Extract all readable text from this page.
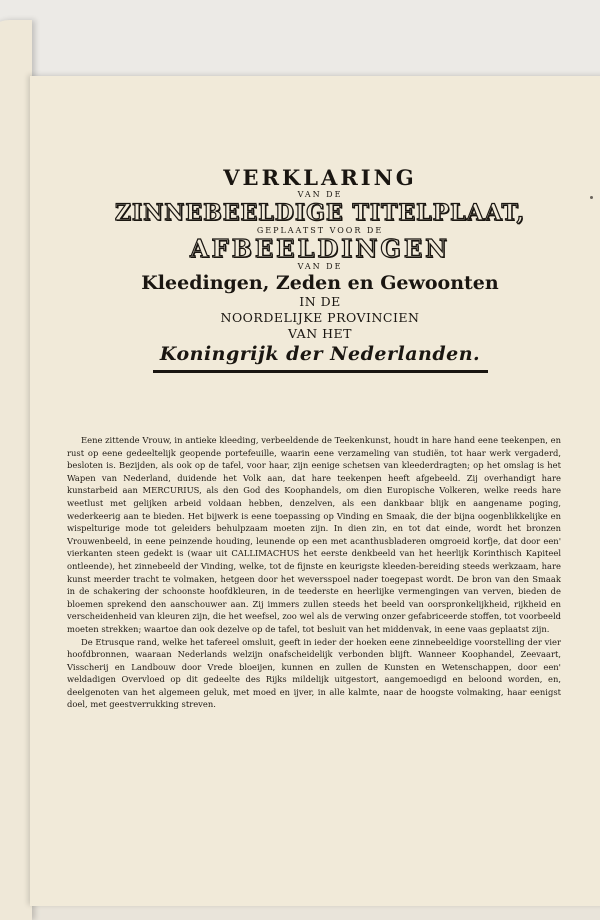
VERKLARING
VAN DE
ZINNEBEELDIGE TITELPLAAT,
GEPLAATST VOOR DE
AFBEELDINGEN
VAN DE
Kleedingen, Zeden en Gewoonten
IN DE
NOORDELIJKE PROVINCIEN
VAN HET
Koningrijk der Nederlanden.

Eene zittende Vrouw, in antieke kleeding, verbeeldende de Teekenkunst, houdt in hare hand eene teekenpen, en rust op eene gedeeltelijk geopende portefeuille, waarin eene verzameling van studiën, tot haar werk vergaderd, besloten is. Bezijden, als ook op de tafel, voor haar, zijn eenige schetsen van kleederdragten; op het omslag is het Wapen van Nederland, duidende het Volk aan, dat hare teekenpen heeft afgebeeld. Zij overhandigt hare kunstarbeid aan MERCURIUS, als den God des Koophandels, om dien Europische Volkeren, welke reeds hare weetlust met gelijken arbeid voldaan hebben, denzelven, als een dankbaar blijk en aangename poging, wederkeerig aan te bieden. Het bijwerk is eene toepassing op Vinding en Smaak, die der bijna oogenblikkelijke en wispelturige mode tot geleiders behulpzaam moeten zijn. In dien zin, en tot dat einde, wordt het bronzen Vrouwenbeeld, in eene peinzende houding, leunende op een met acanthusbladeren omgroeid korfje, dat door een' vierkanten steen gedekt is (waar uit CALLIMACHUS het eerste denkbeeld van het heerlijk Korinthisch Kapiteel ontleende), het zinnebeeld der Vinding, welke, tot de fijnste en keurigste kleeden-bereiding steeds werkzaam, hare kunst meerder tracht te volmaken, hetgeen door het weversspoel nader toegepast wordt. De bron van den Smaak in de schakering der schoonste hoofdkleuren, in de teederste en heerlijke vermengingen van verven, bieden de bloemen sprekend den aanschouwer aan. Zij immers zullen steeds het beeld van oorspronkelijkheid, rijkheid en verscheidenheid van kleuren zijn, die het weefsel, zoo wel als de verwing onzer gefabriceerde stoffen, tot voorbeeld moeten strekken; waartoe dan ook dezelve op de tafel, tot besluit van het middenvak, in eene vaas geplaatst zijn.

De Etrusque rand, welke het tafereel omsluit, geeft in ieder der hoeken eene zinnebeeldige voorstelling der vier hoofdbronnen, waaraan Nederlands welzijn onafscheidelijk verbonden blijft. Wanneer Koophandel, Zeevaart, Visscherij en Landbouw door Vrede bloeijen, kunnen en zullen de Kunsten en Wetenschappen, door een' weldadigen Overvloed op dit gedeelte des Rijks mildelijk uitgestort, aangemoedigd en beloond worden, en, deelgenoten van het algemeen geluk, met moed en ijver, in alle kalmte, naar de hoogste volmaking, haar eenigst doel, met geestverrukking streven.
